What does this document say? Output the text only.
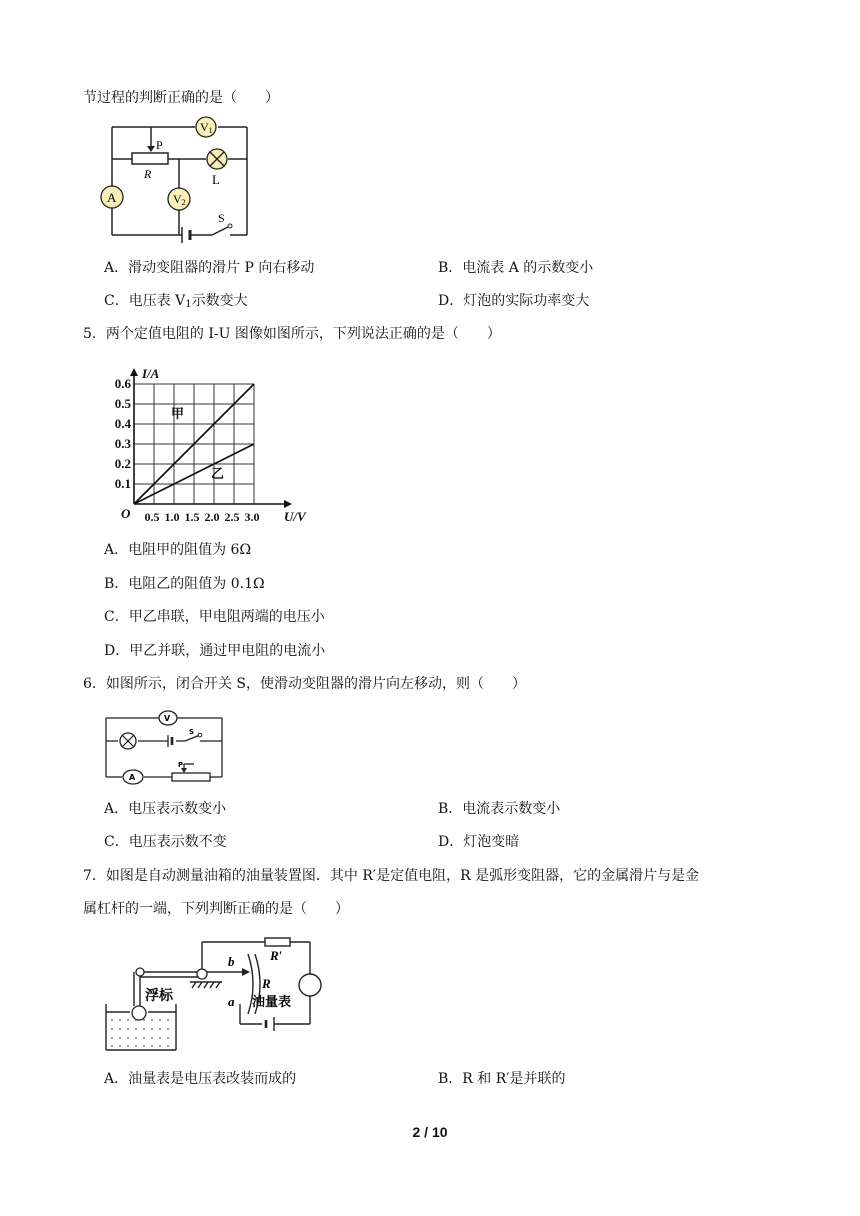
节过程的判断正确的是（　　）
V1
V2
A
P
R	L
S
A．滑动变阻器的滑片 P 向右移动	B．电流表 A 的示数变小
C．电压表 $V_1$示数变大	D．灯泡的实际功率变大
5．两个定值电阻的 I-U 图像如图所示，下列说法正确的是（　　）
I/A
U/V
O
0.1
0.2
0.3
0.4
0.5
0.6
0.5 1.0 1.5 2.0 2.5 3.0
甲
乙
A．电阻甲的阻值为 6Ω
B．电阻乙的阻值为 0.1Ω
C．甲乙串联，甲电阻两端的电压小
D．甲乙并联，通过甲电阻的电流小
6．如图所示，闭合开关 S，使滑动变阻器的滑片向左移动，则（　　）
V
A
S
P
A．电压表示数变小	B．电流表示数变小
C．电压表示数不变	D．灯泡变暗
7．如图是自动测量油箱的油量装置图．其中 R′是定值电阻，R 是弧形变阻器，它的金属滑片与是金
属杠杆的一端，下列判断正确的是（　　）
浮标	油量表
R
R′
a
b
A．油量表是电压表改装而成的	B．R 和 R′是并联的
2 / 10
